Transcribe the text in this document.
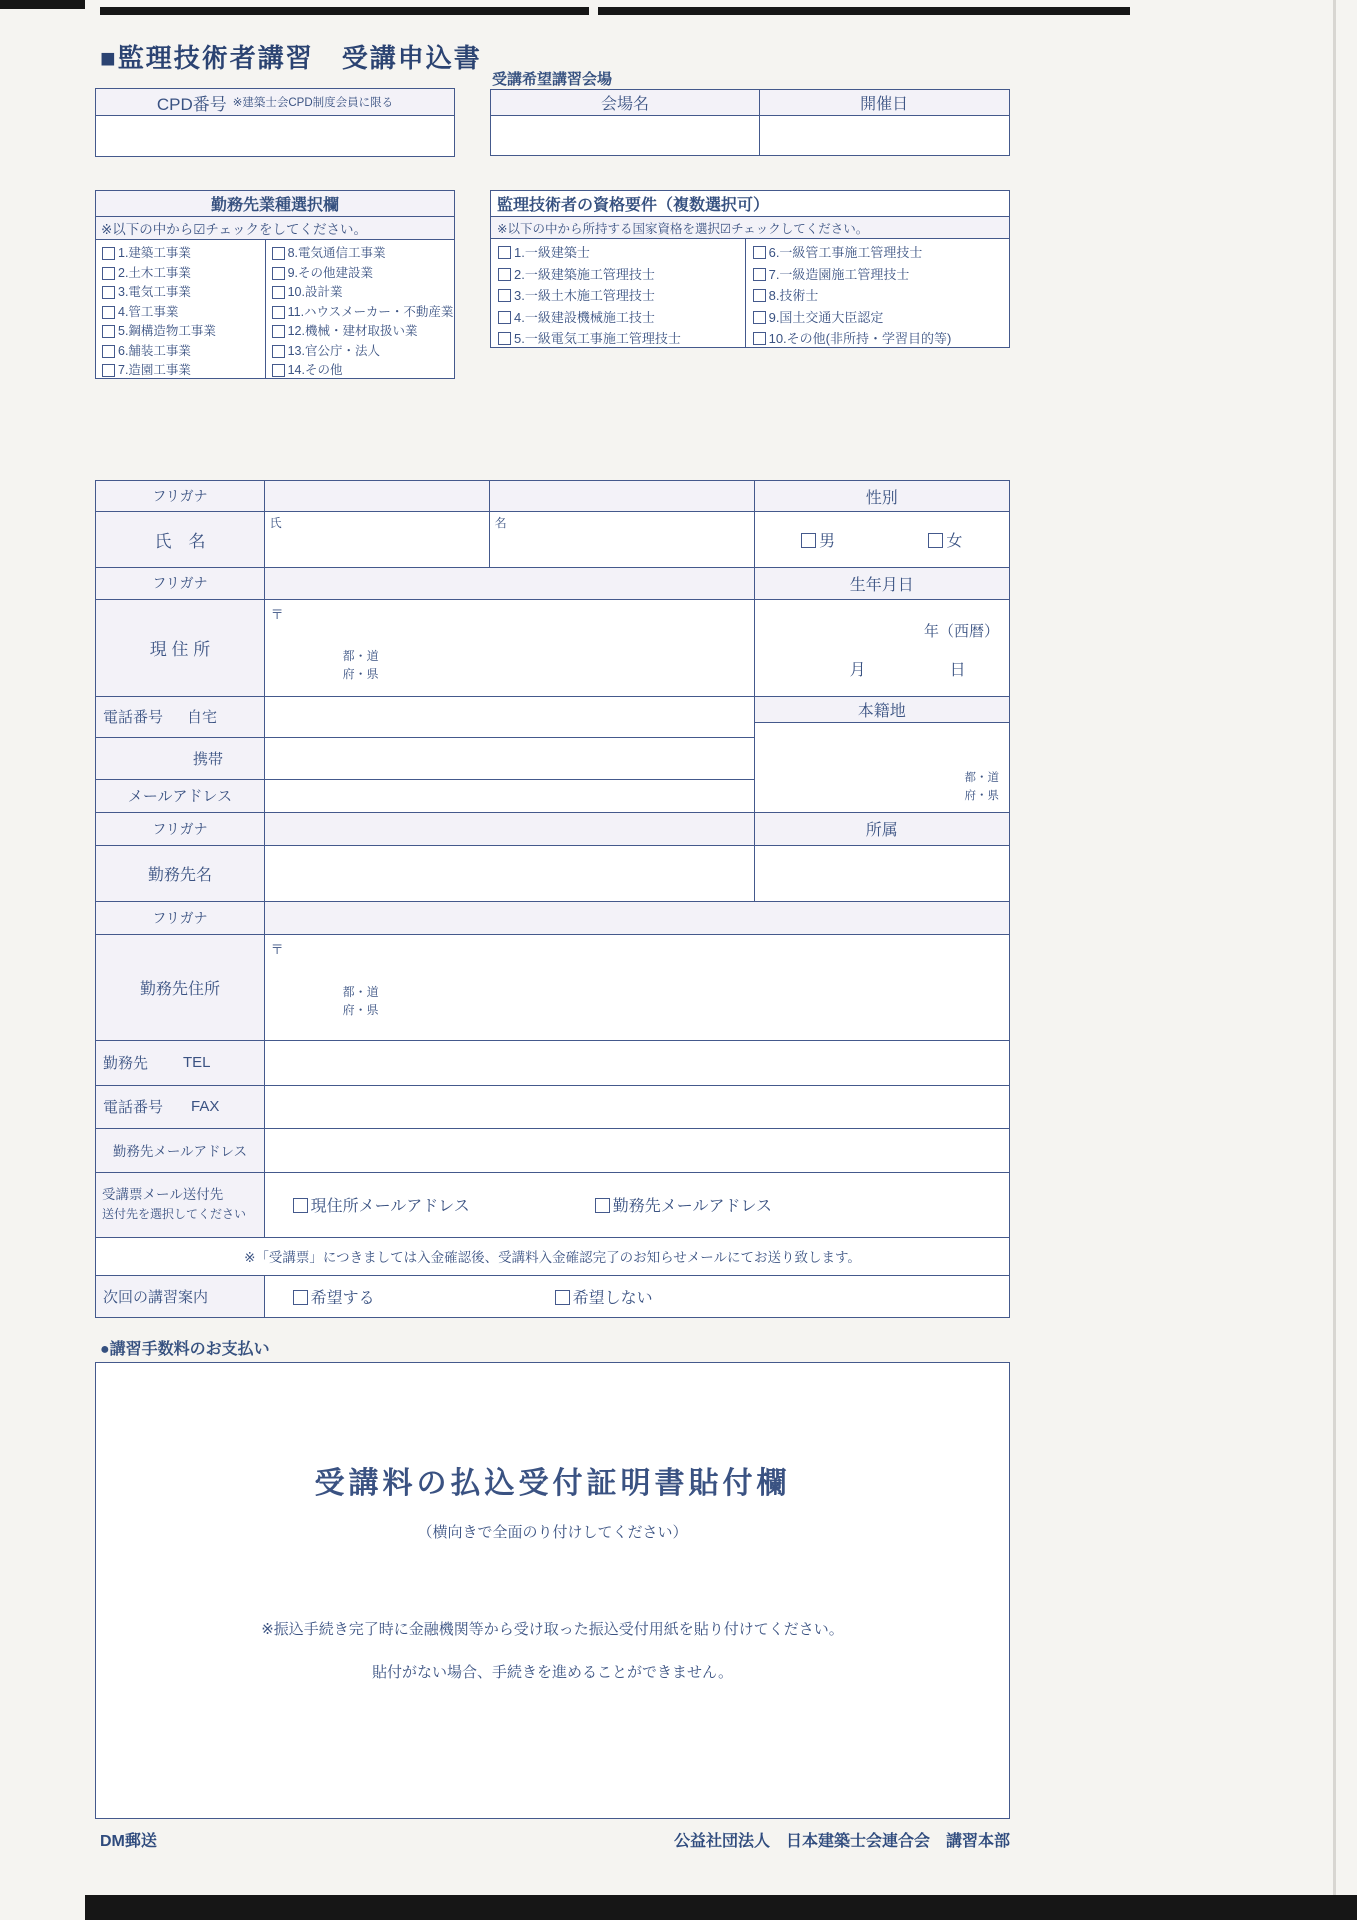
■監理技術者講習　受講申込書
CPD番号 ※建築士会CPD制度会員に限る
受講希望講習会場
会場名	開催日
勤務先業種選択欄
※以下の中から☑チェックをしてください。
1.建築工事業
2.土木工事業
3.電気工事業
4.管工事業
5.鋼構造物工事業
6.舗装工事業
7.造園工事業
8.電気通信工事業
9.その他建設業
10.設計業
11.ハウスメーカー・不動産業
12.機械・建材取扱い業
13.官公庁・法人
14.その他
監理技術者の資格要件（複数選択可）
※以下の中から所持する国家資格を選択☑チェックしてください。
1.一級建築士
2.一級建築施工管理技士
3.一級土木施工管理技士
4.一級建設機械施工技士
5.一級電気工事施工管理技士
6.一級管工事施工管理技士
7.一級造園施工管理技士
8.技術士
9.国土交通大臣認定
10.その他(非所持・学習目的等)
フリガナ	性別
氏　名
氏	名
男	女
フリガナ	生年月日
現 住 所
〒
都・道
府・県
年（西暦）
月	日
電話番号 自宅	本籍地
都・道
府・県
携帯
メールアドレス
フリガナ	所属
勤務先名
フリガナ
勤務先住所
〒
都・道
府・県
勤務先 TEL
電話番号 FAX
勤務先メールアドレス
受講票メール送付先
送付先を選択してください	現住所メールアドレス	勤務先メールアドレス
※「受講票」につきましては入金確認後、受講料入金確認完了のお知らせメールにてお送り致します。
次回の講習案内	希望する	希望しない
●講習手数料のお支払い
受講料の払込受付証明書貼付欄
（横向きで全面のり付けしてください）
※振込手続き完了時に金融機関等から受け取った振込受付用紙を貼り付けてください。
貼付がない場合、手続きを進めることができません。
DM郵送	公益社団法人　日本建築士会連合会　講習本部
